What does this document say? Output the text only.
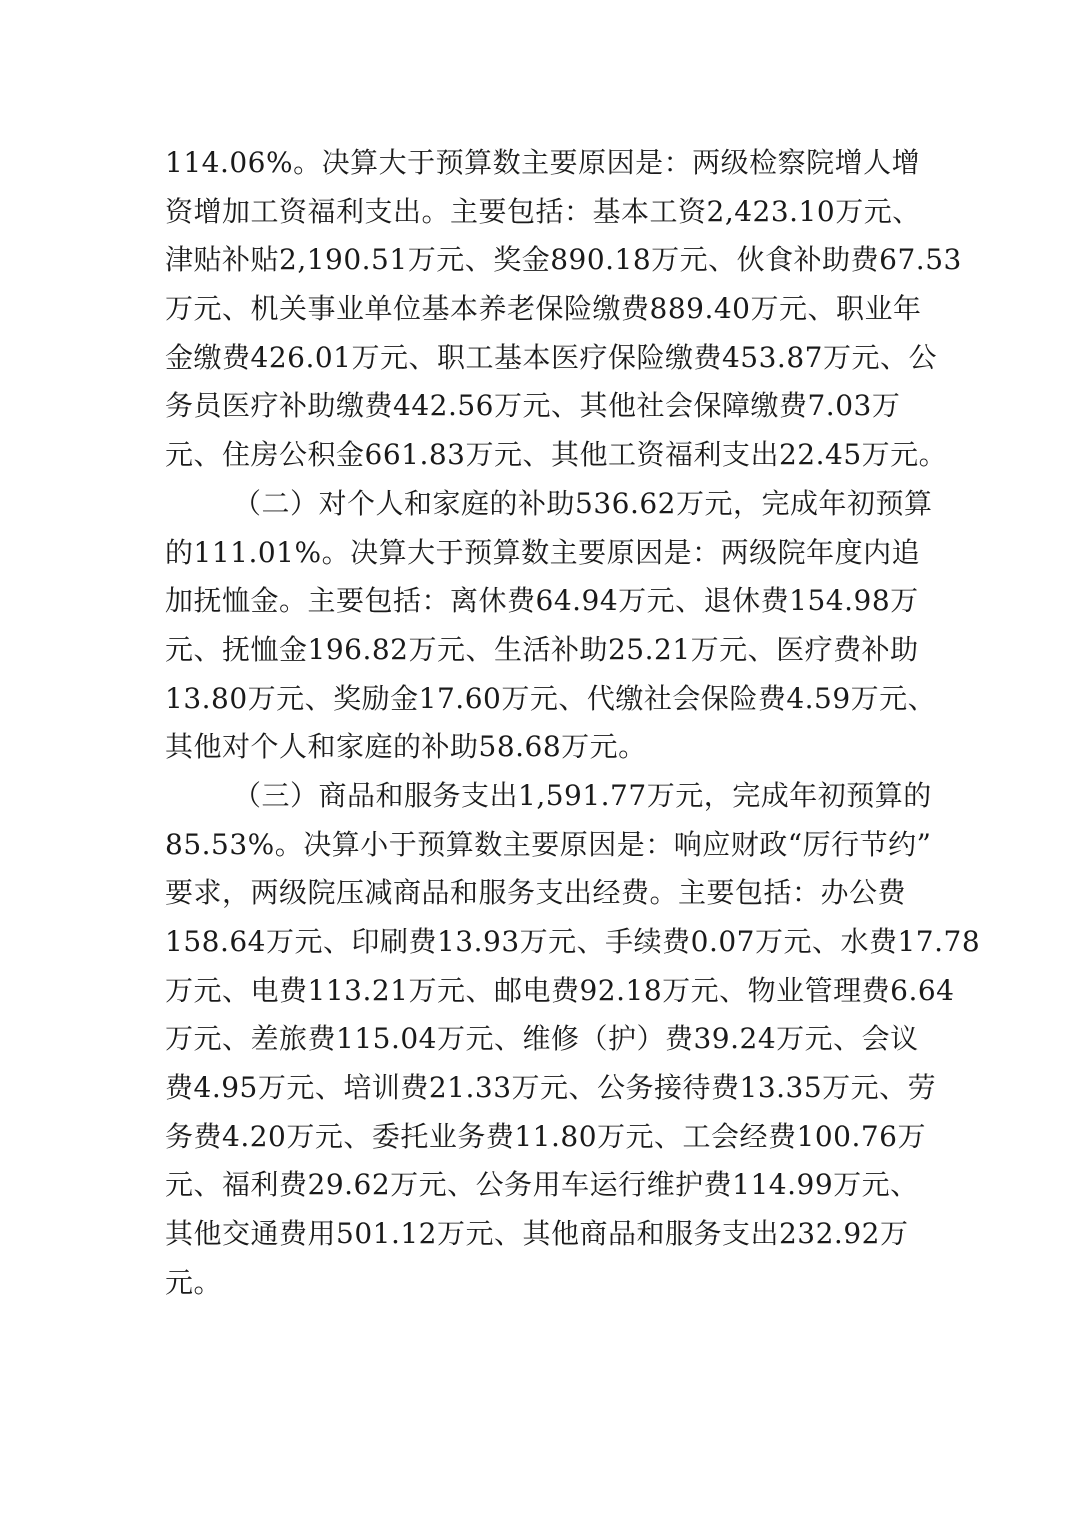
114.06%。决算大于预算数主要原因是：两级检察院增人增
资增加工资福利支出。主要包括：基本工资2,423.10万元、
津贴补贴2,190.51万元、奖金890.18万元、伙食补助费67.53
万元、机关事业单位基本养老保险缴费889.40万元、职业年
金缴费426.01万元、职工基本医疗保险缴费453.87万元、公
务员医疗补助缴费442.56万元、其他社会保障缴费7.03万
元、住房公积金661.83万元、其他工资福利支出22.45万元。
（二）对个人和家庭的补助536.62万元，完成年初预算
的111.01%。决算大于预算数主要原因是：两级院年度内追
加抚恤金。主要包括：离休费64.94万元、退休费154.98万
元、抚恤金196.82万元、生活补助25.21万元、医疗费补助
13.80万元、奖励金17.60万元、代缴社会保险费4.59万元、
其他对个人和家庭的补助58.68万元。
（三）商品和服务支出1,591.77万元，完成年初预算的
85.53%。决算小于预算数主要原因是：响应财政“厉行节约”
要求，两级院压减商品和服务支出经费。主要包括：办公费
158.64万元、印刷费13.93万元、手续费0.07万元、水费17.78
万元、电费113.21万元、邮电费92.18万元、物业管理费6.64
万元、差旅费115.04万元、维修（护）费39.24万元、会议
费4.95万元、培训费21.33万元、公务接待费13.35万元、劳
务费4.20万元、委托业务费11.80万元、工会经费100.76万
元、福利费29.62万元、公务用车运行维护费114.99万元、
其他交通费用501.12万元、其他商品和服务支出232.92万
元。
